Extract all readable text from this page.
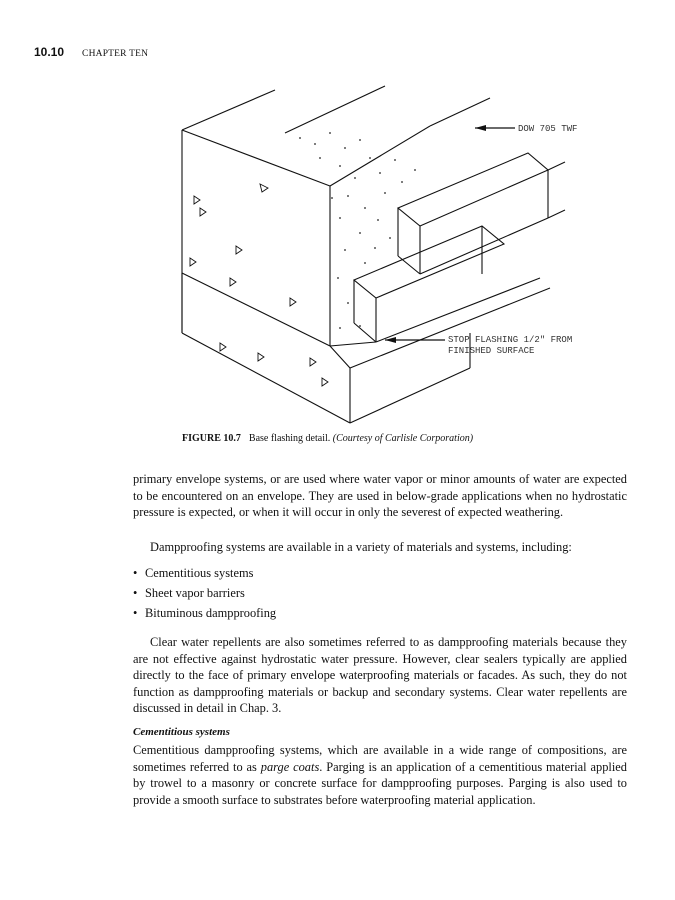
10.10 CHAPTER TEN
DOW 705 TWF
STOP FLASHING 1/2" FROM
FINISHED SURFACE
FIGURE 10.7 Base flashing detail. (Courtesy of Carlisle Corporation)
primary envelope systems, or are used where water vapor or minor amounts of water are expected to be encountered on an envelope. They are used in below-grade applications when no hydrostatic pressure is expected, or when it will occur in only the severest of expected weathering.
Dampproofing systems are available in a variety of materials and systems, including:
• Cementitious systems
• Sheet vapor barriers
• Bituminous dampproofing
Clear water repellents are also sometimes referred to as dampproofing materials because they are not effective against hydrostatic water pressure. However, clear sealers typically are applied directly to the face of primary envelope waterproofing materials or facades. As such, they do not function as dampproofing materials or backup and secondary systems. Clear water repellents are discussed in detail in Chap. 3.
Cementitious systems
Cementitious dampproofing systems, which are available in a wide range of compositions, are sometimes referred to as parge coats. Parging is an application of a cementitious material applied by trowel to a masonry or concrete surface for dampproofing purposes. Parging is also used to provide a smooth surface to substrates before waterproofing material application.
